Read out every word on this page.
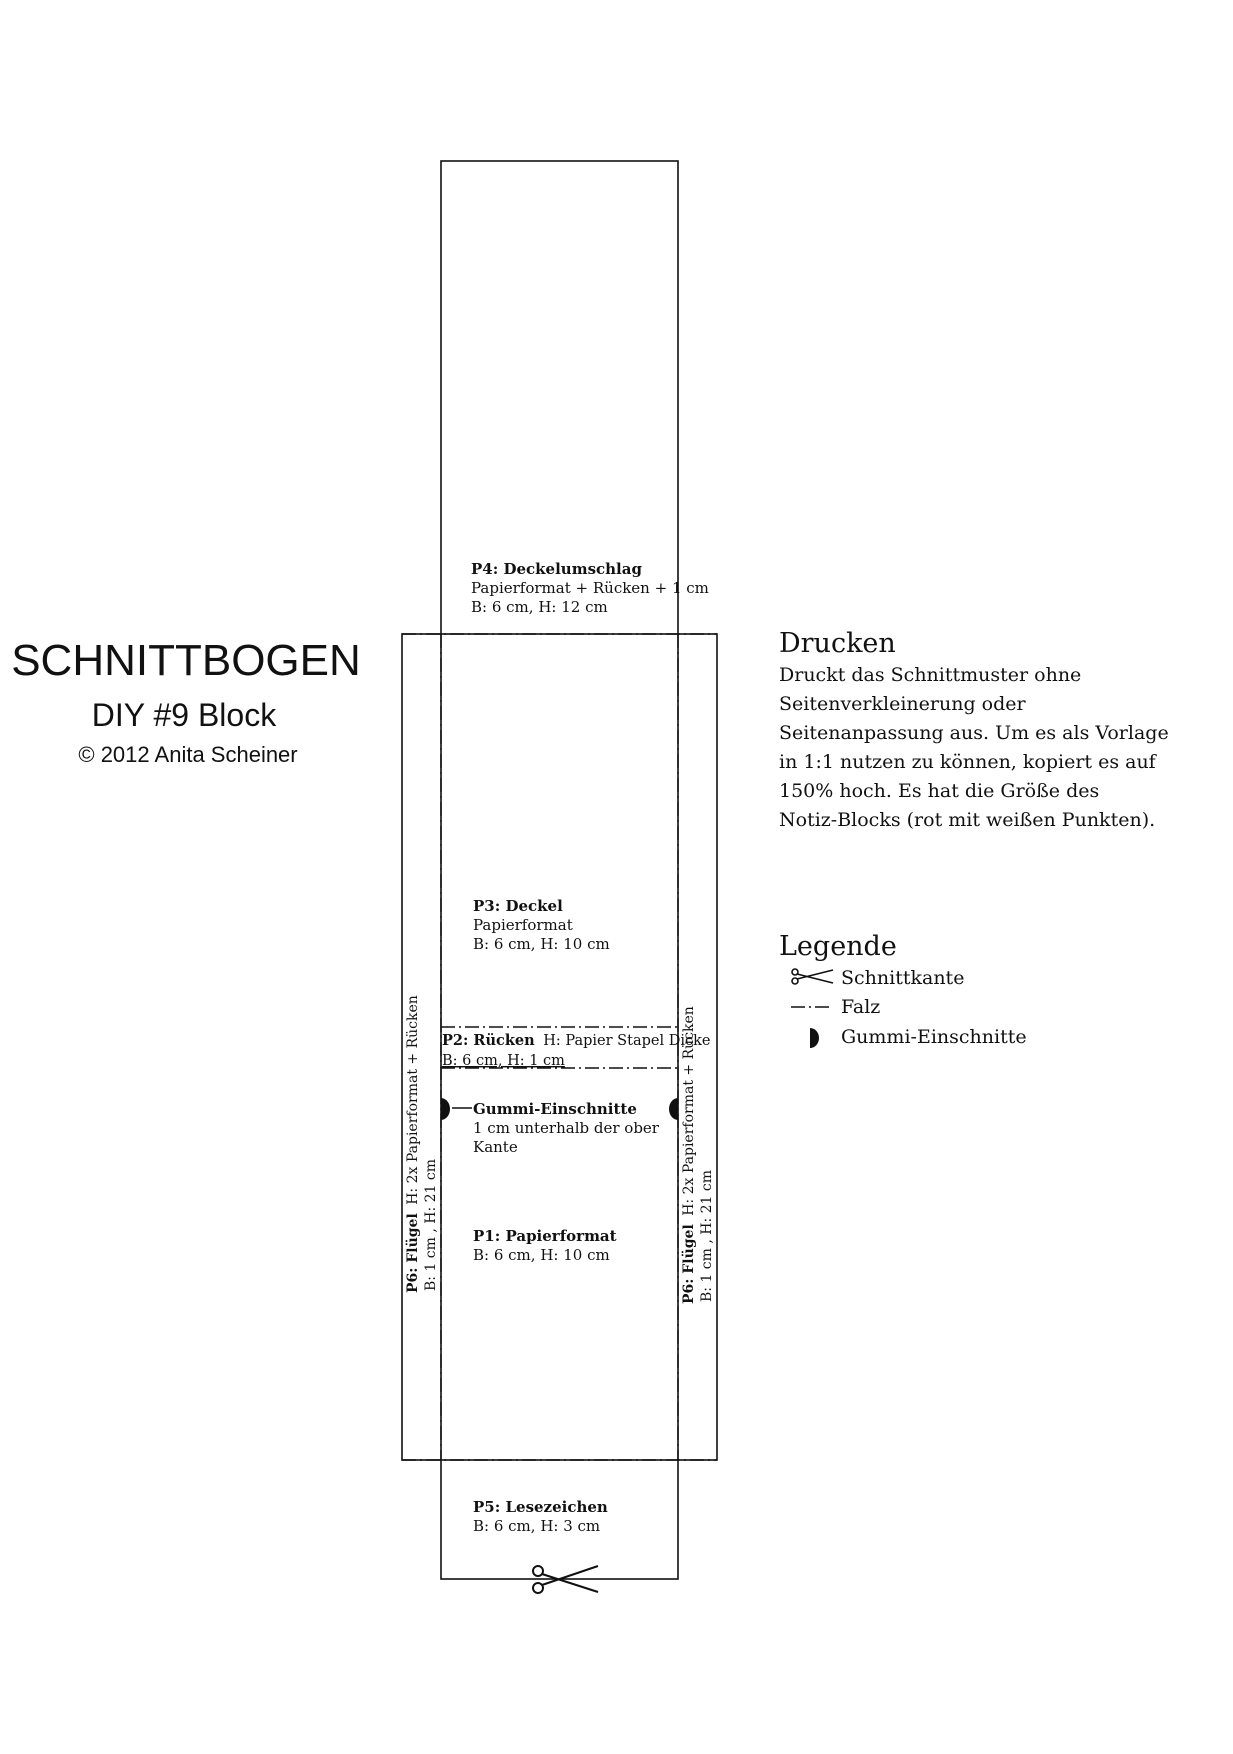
SCHNITTBOGEN
DIY #9 Block
© 2012 Anita Scheiner
P4: Deckelumschlag
Papierformat + Rücken + 1 cm
B: 6 cm, H: 12 cm
P3: Deckel
Papierformat
B: 6 cm, H: 10 cm
P2: Rücken H: Papier Stapel Dicke
B: 6 cm, H: 1 cm
Gummi-Einschnitte
1 cm unterhalb der ober
Kante
P1: Papierformat
B: 6 cm, H: 10 cm
P5: Lesezeichen
B: 6 cm, H: 3 cm
P6: Flügel H: 2x Papierformat + Rücken
B: 1 cm , H: 21 cm	P6: Flügel H: 2x Papierformat + Rücken
B: 1 cm , H: 21 cm
Drucken
Druckt das Schnittmuster ohne
Seitenverkleinerung oder
Seitenanpassung aus. Um es als Vorlage
in 1:1 nutzen zu können, kopiert es auf
150% hoch. Es hat die Größe des
Notiz-Blocks (rot mit weißen Punkten).
Legende
Schnittkante
Falz
Gummi-Einschnitte
